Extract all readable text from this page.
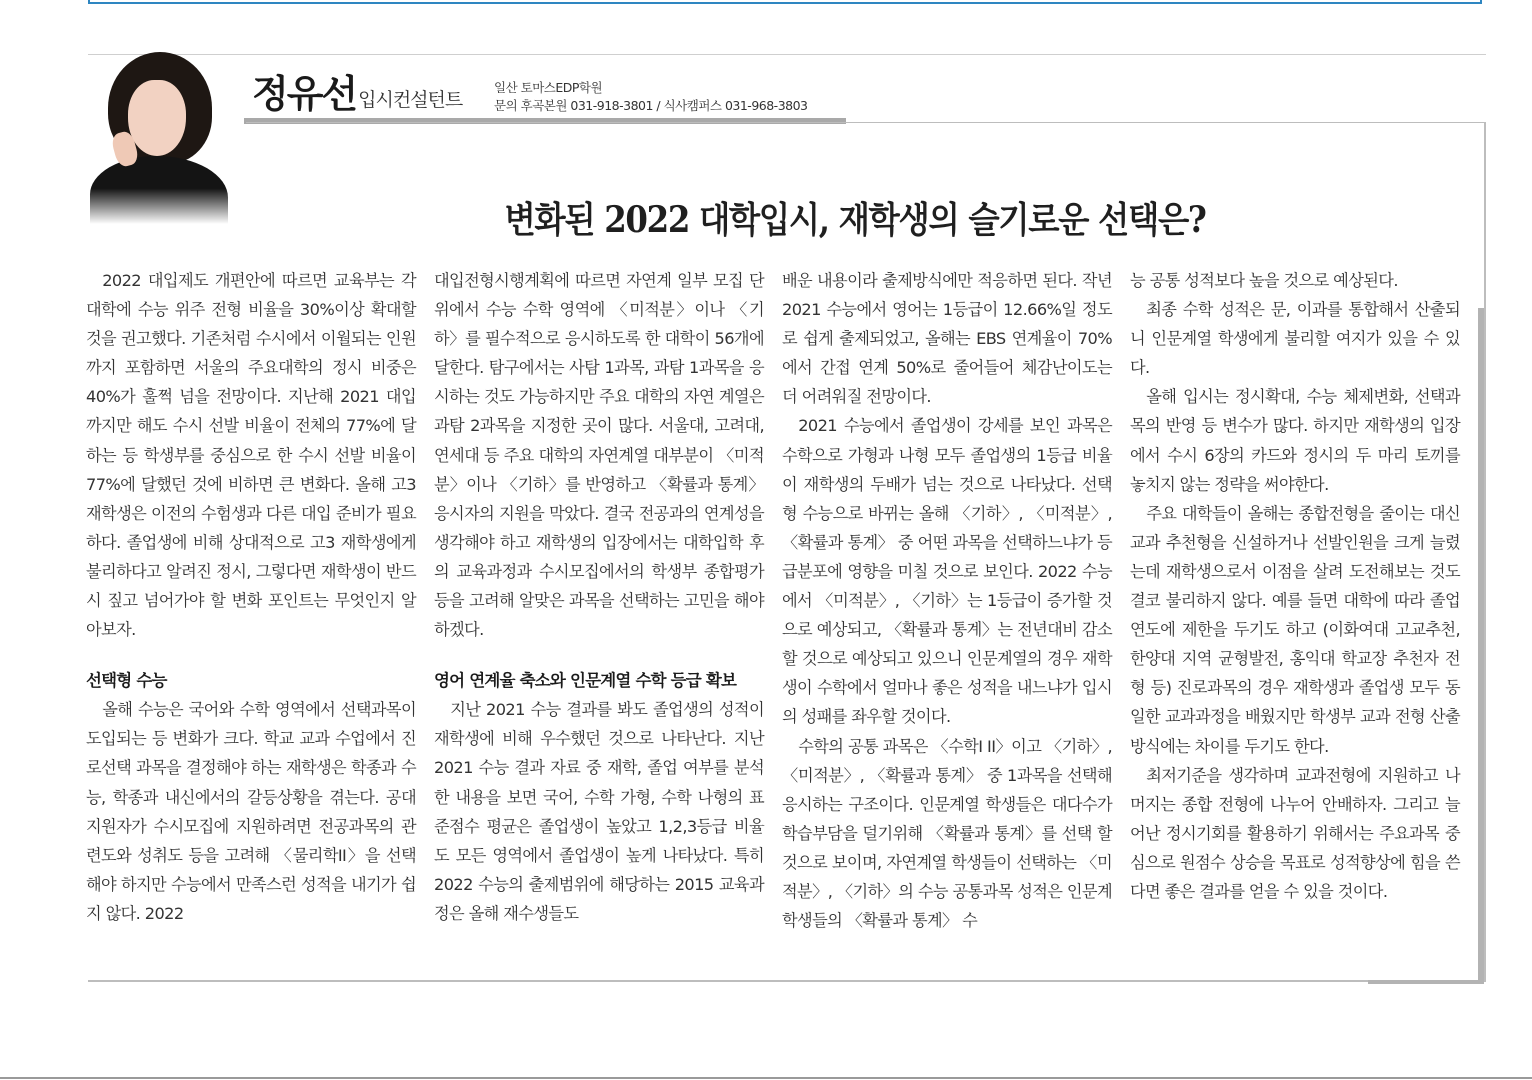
정유선 입시컨설턴트
일산 토마스EDP학원
문의 후곡본원 031-918-3801 / 식사캠퍼스 031-968-3803
변화된 2022 대학입시, 재학생의 슬기로운 선택은?

2022 대입제도 개편안에 따르면 교육부는 각 대학에 수능 위주 전형 비율을 30%이상 확대할 것을 권고했다. 기존처럼 수시에서 이월되는 인원까지 포함하면 서울의 주요대학의 정시 비중은 40%가 훌쩍 넘을 전망이다. 지난해 2021 대입까지만 해도 수시 선발 비율이 전체의 77%에 달하는 등 학생부를 중심으로 한 수시 선발 비율이 77%에 달했던 것에 비하면 큰 변화다. 올해 고3 재학생은 이전의 수험생과 다른 대입 준비가 필요하다. 졸업생에 비해 상대적으로 고3 재학생에게 불리하다고 알려진 정시, 그렇다면 재학생이 반드시 짚고 넘어가야 할 변화 포인트는 무엇인지 알아보자.

선택형 수능

올해 수능은 국어와 수학 영역에서 선택과목이 도입되는 등 변화가 크다. 학교 교과 수업에서 진로선택 과목을 결정해야 하는 재학생은 학종과 수능, 학종과 내신에서의 갈등상황을 겪는다. 공대 지원자가 수시모집에 지원하려면 전공과목의 관련도와 성취도 등을 고려해 〈물리학II〉을 선택해야 하지만 수능에서 만족스런 성적을 내기가 쉽지 않다. 2022

대입전형시행계획에 따르면 자연계 일부 모집 단위에서 수능 수학 영역에 〈미적분〉이나 〈기하〉를 필수적으로 응시하도록 한 대학이 56개에 달한다. 탐구에서는 사탐 1과목, 과탐 1과목을 응시하는 것도 가능하지만 주요 대학의 자연 계열은 과탐 2과목을 지정한 곳이 많다. 서울대, 고려대, 연세대 등 주요 대학의 자연계열 대부분이 〈미적분〉이나 〈기하〉를 반영하고 〈확률과 통계〉 응시자의 지원을 막았다. 결국 전공과의 연계성을 생각해야 하고 재학생의 입장에서는 대학입학 후의 교육과정과 수시모집에서의 학생부 종합평가 등을 고려해 알맞은 과목을 선택하는 고민을 해야 하겠다.

영어 연계율 축소와 인문계열 수학 등급 확보

지난 2021 수능 결과를 봐도 졸업생의 성적이 재학생에 비해 우수했던 것으로 나타난다. 지난 2021 수능 결과 자료 중 재학, 졸업 여부를 분석한 내용을 보면 국어, 수학 가형, 수학 나형의 표준점수 평균은 졸업생이 높았고 1,2,3등급 비율도 모든 영역에서 졸업생이 높게 나타났다. 특히 2022 수능의 출제범위에 해당하는 2015 교육과정은 올해 재수생들도

배운 내용이라 출제방식에만 적응하면 된다. 작년 2021 수능에서 영어는 1등급이 12.66%일 정도로 쉽게 출제되었고, 올해는 EBS 연계율이 70%에서 간접 연계 50%로 줄어들어 체감난이도는 더 어려워질 전망이다.

2021 수능에서 졸업생이 강세를 보인 과목은 수학으로 가형과 나형 모두 졸업생의 1등급 비율이 재학생의 두배가 넘는 것으로 나타났다. 선택형 수능으로 바뀌는 올해 〈기하〉, 〈미적분〉, 〈확률과 통계〉 중 어떤 과목을 선택하느냐가 등급분포에 영향을 미칠 것으로 보인다. 2022 수능에서 〈미적분〉, 〈기하〉는 1등급이 증가할 것으로 예상되고, 〈확률과 통계〉는 전년대비 감소할 것으로 예상되고 있으니 인문계열의 경우 재학생이 수학에서 얼마나 좋은 성적을 내느냐가 입시의 성패를 좌우할 것이다.

수학의 공통 과목은 〈수학I II〉이고 〈기하〉, 〈미적분〉, 〈확률과 통계〉 중 1과목을 선택해 응시하는 구조이다. 인문계열 학생들은 대다수가 학습부담을 덜기위해 〈확률과 통계〉를 선택 할 것으로 보이며, 자연계열 학생들이 선택하는 〈미적분〉, 〈기하〉의 수능 공통과목 성적은 인문계 학생들의 〈확률과 통계〉 수

능 공통 성적보다 높을 것으로 예상된다.

최종 수학 성적은 문, 이과를 통합해서 산출되니 인문계열 학생에게 불리할 여지가 있을 수 있다.

올해 입시는 정시확대, 수능 체제변화, 선택과목의 반영 등 변수가 많다. 하지만 재학생의 입장에서 수시 6장의 카드와 정시의 두 마리 토끼를 놓치지 않는 정략을 써야한다.

주요 대학들이 올해는 종합전형을 줄이는 대신 교과 추천형을 신설하거나 선발인원을 크게 늘렸는데 재학생으로서 이점을 살려 도전해보는 것도 결코 불리하지 않다. 예를 들면 대학에 따라 졸업 연도에 제한을 두기도 하고 (이화여대 고교추천, 한양대 지역 균형발전, 홍익대 학교장 추천자 전형 등) 진로과목의 경우 재학생과 졸업생 모두 동일한 교과과정을 배웠지만 학생부 교과 전형 산출방식에는 차이를 두기도 한다.

최저기준을 생각하며 교과전형에 지원하고 나머지는 종합 전형에 나누어 안배하자. 그리고 늘어난 정시기회를 활용하기 위해서는 주요과목 중심으로 원점수 상승을 목표로 성적향상에 힘을 쓴다면 좋은 결과를 얻을 수 있을 것이다.
